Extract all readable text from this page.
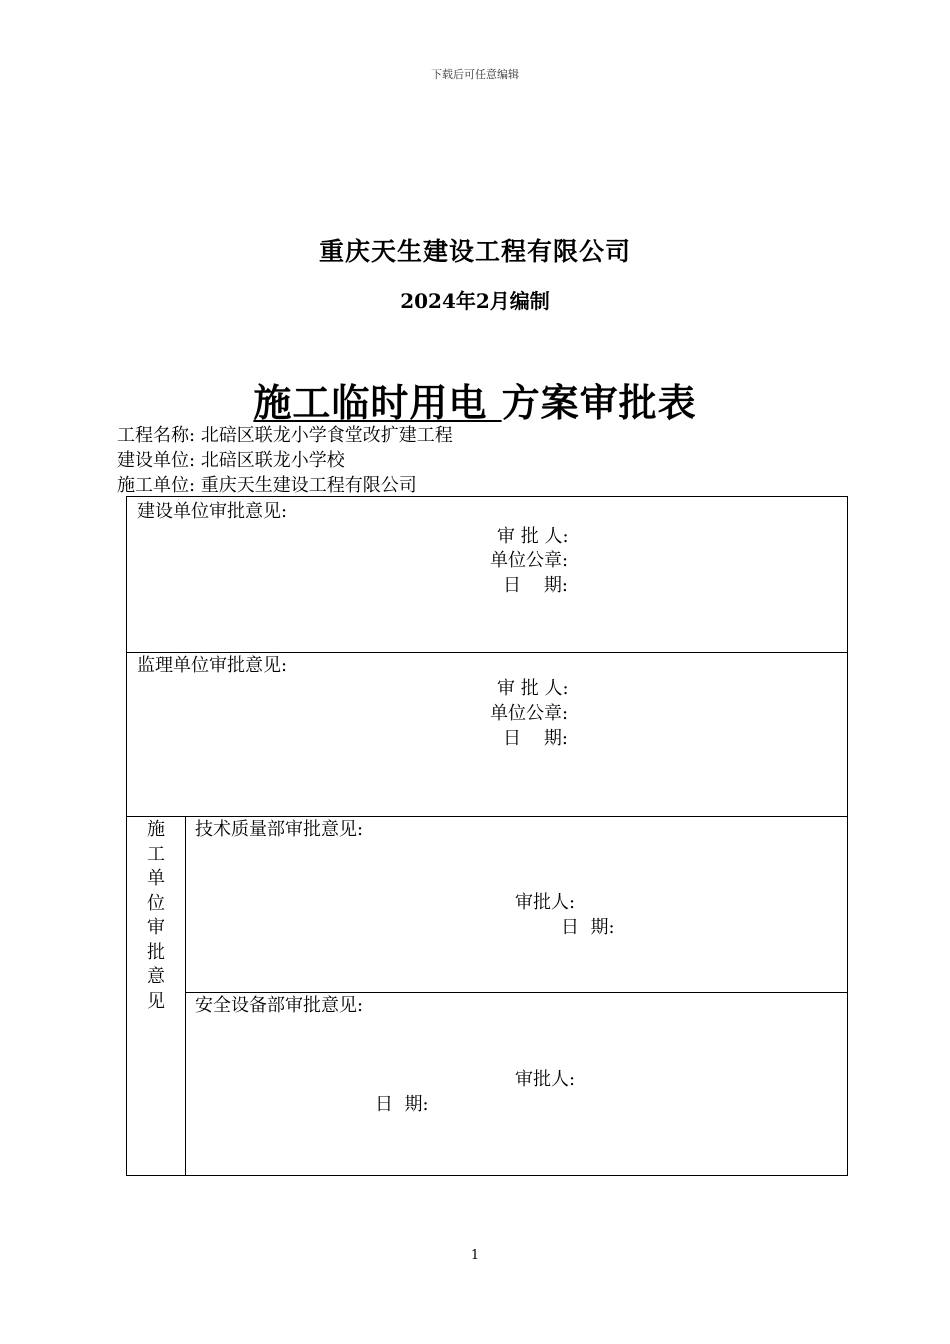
下载后可任意编辑
重庆天生建设工程有限公司
2024年2月编制
施工临时用电 方案审批表
工程名称: 北碚区联龙小学食堂改扩建工程
建设单位: 北碚区联龙小学校
施工单位: 重庆天生建设工程有限公司
建设单位审批意见:
审 批 人:
单位公章:
日    期:
监理单位审批意见:
审 批 人:
单位公章:
日    期:
施
工
单
位
审
批
意
见
技术质量部审批意见:
审批人:
日  期:
安全设备部审批意见:
审批人:
日  期:
1
